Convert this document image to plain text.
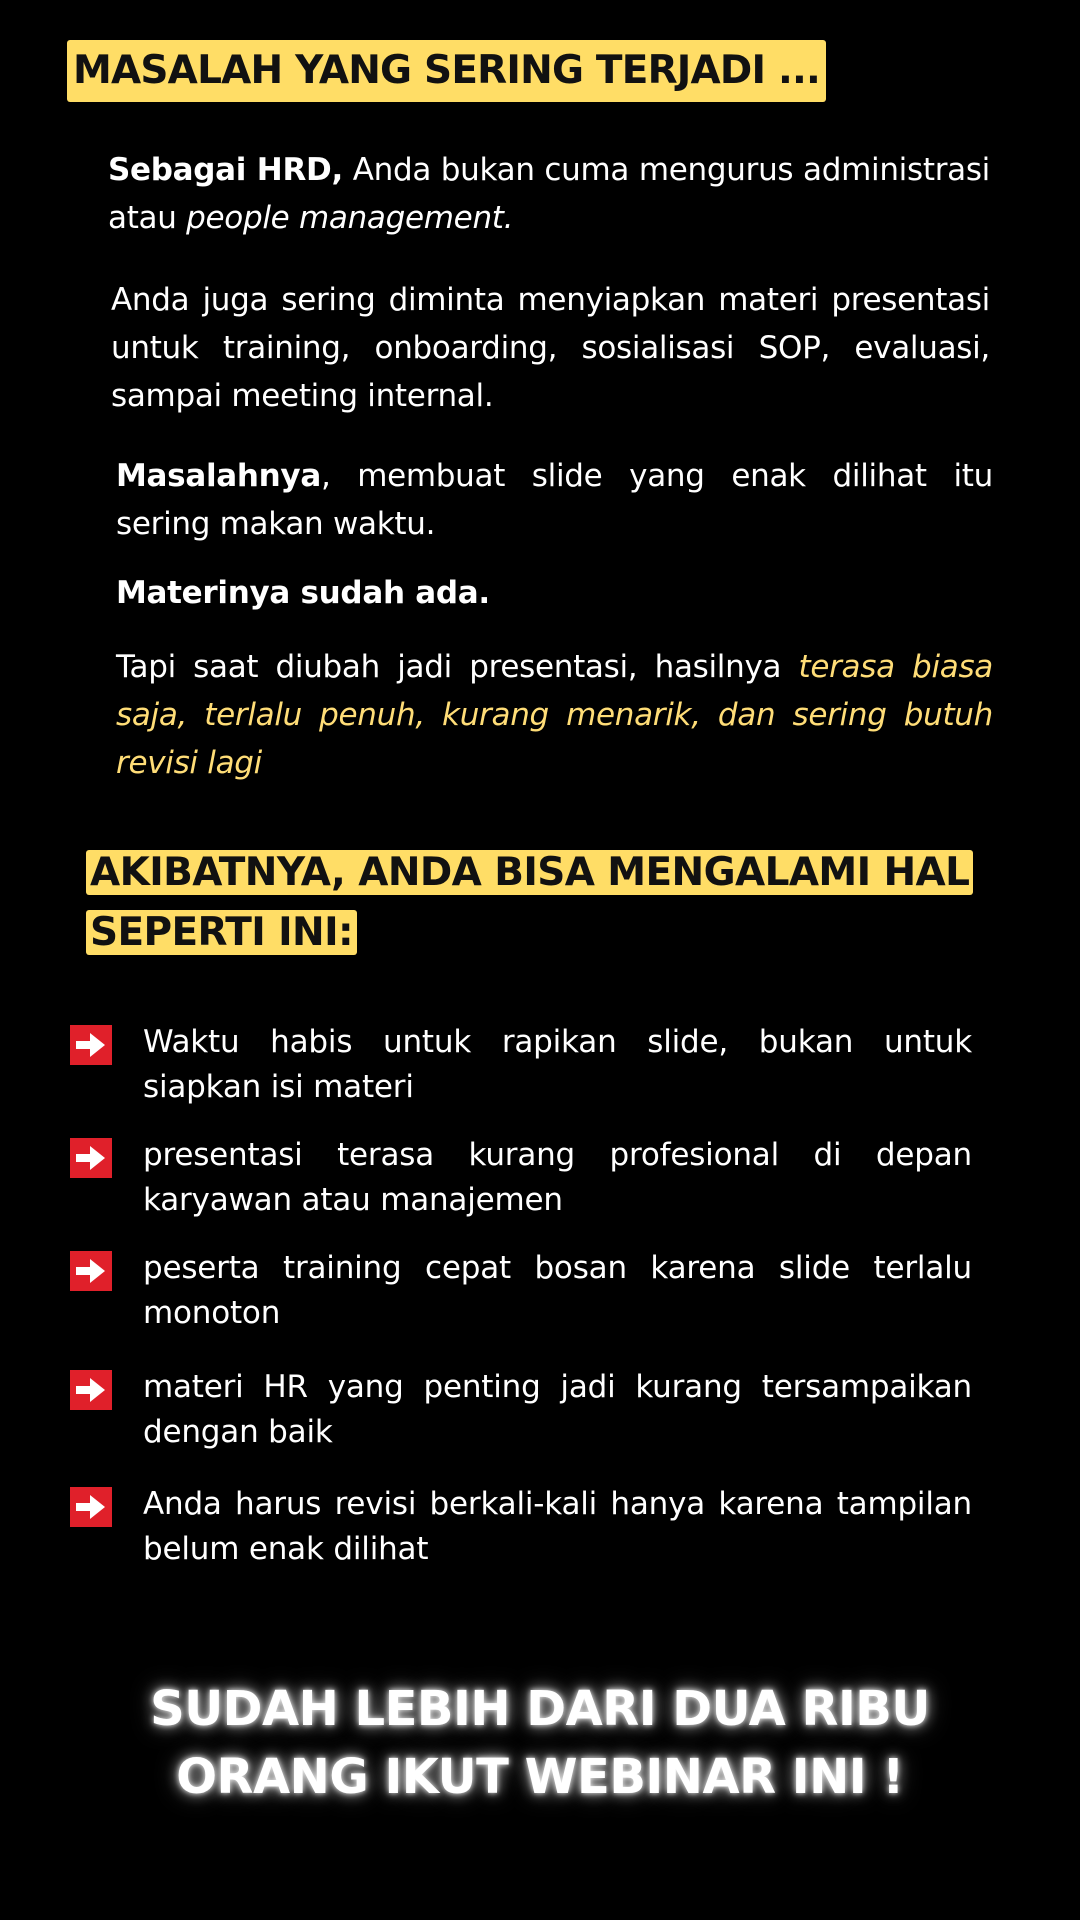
MASALAH YANG SERING TERJADI ...
Sebagai HRD, Anda bukan cuma mengurus administrasi atau people management.
Anda juga sering diminta menyiapkan materi presentasi untuk training, onboarding, sosialisasi SOP, evaluasi, sampai meeting internal.
Masalahnya, membuat slide yang enak dilihat itu sering makan waktu.
Materinya sudah ada.
Tapi saat diubah jadi presentasi, hasilnya terasa biasa saja, terlalu penuh, kurang menarik, dan sering butuh revisi lagi
AKIBATNYA, ANDA BISA MENGALAMI HAL
SEPERTI INI:
Waktu habis untuk rapikan slide, bukan untuk siapkan isi materi
presentasi terasa kurang profesional di depan karyawan atau manajemen
peserta training cepat bosan karena slide terlalu monoton
materi HR yang penting jadi kurang tersampaikan dengan baik
Anda harus revisi berkali-kali hanya karena tampilan belum enak dilihat
SUDAH LEBIH DARI DUA RIBU
ORANG IKUT WEBINAR INI !
